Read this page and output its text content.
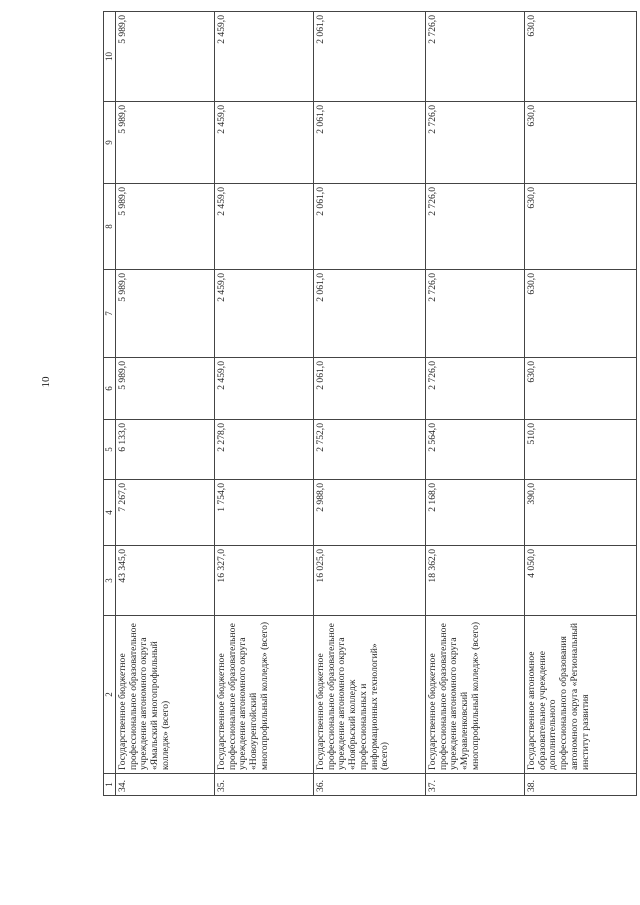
10
1	2	3	4	5	6	7	8	9	10
34.	Государственное бюджетное профессиональное образовательное учреждение автономного округа «Ямальский многопрофильный колледж» (всего)	43 345,0	7 267,0	6 133,0	5 989,0	5 989,0	5 989,0	5 989,0	5 989,0
35.	Государственное бюджетное профессиональное образовательное учреждение автономного округа «Новоуренгойский многопрофильный колледж» (всего)	16 327,0	1 754,0	2 278,0	2 459,0	2 459,0	2 459,0	2 459,0	2 459,0
36.	Государственное бюджетное профессиональное образовательное учреждение автономного округа «Ноябрьский колледж профессиональных и информационных технологий» (всего)	16 025,0	2 988,0	2 752,0	2 061,0	2 061,0	2 061,0	2 061,0	2 061,0
37.	Государственное бюджетное профессиональное образовательное учреждение автономного округа «Муравленковский многопрофильный колледж» (всего)	18 362,0	2 168,0	2 564,0	2 726,0	2 726,0	2 726,0	2 726,0	2 726,0
38.	Государственное автономное образовательное учреждение дополнительного профессионального образования автономного округа «Региональный институт развития	4 050,0	390,0	510,0	630,0	630,0	630,0	630,0	630,0
